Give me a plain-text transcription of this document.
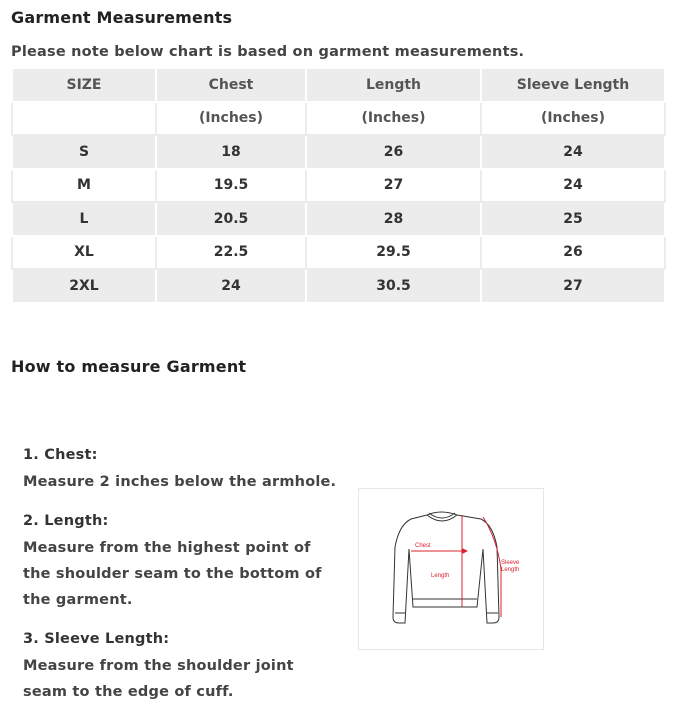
Garment Measurements
Please note below chart is based on garment measurements.
SIZE	Chest	Length	Sleeve Length
	(Inches)	(Inches)	(Inches)
S	18	26	24
M	19.5	27	24
L	20.5	28	25
XL	22.5	29.5	26
2XL	24	30.5	27
How to measure Garment
1. Chest:
Measure 2 inches below the armhole.
2. Length:
Measure from the highest point of
the shoulder seam to the bottom of
the garment.
3. Sleeve Length:
Measure from the shoulder joint
seam to the edge of cuff.
Chest
Length
Sleeve
Length
